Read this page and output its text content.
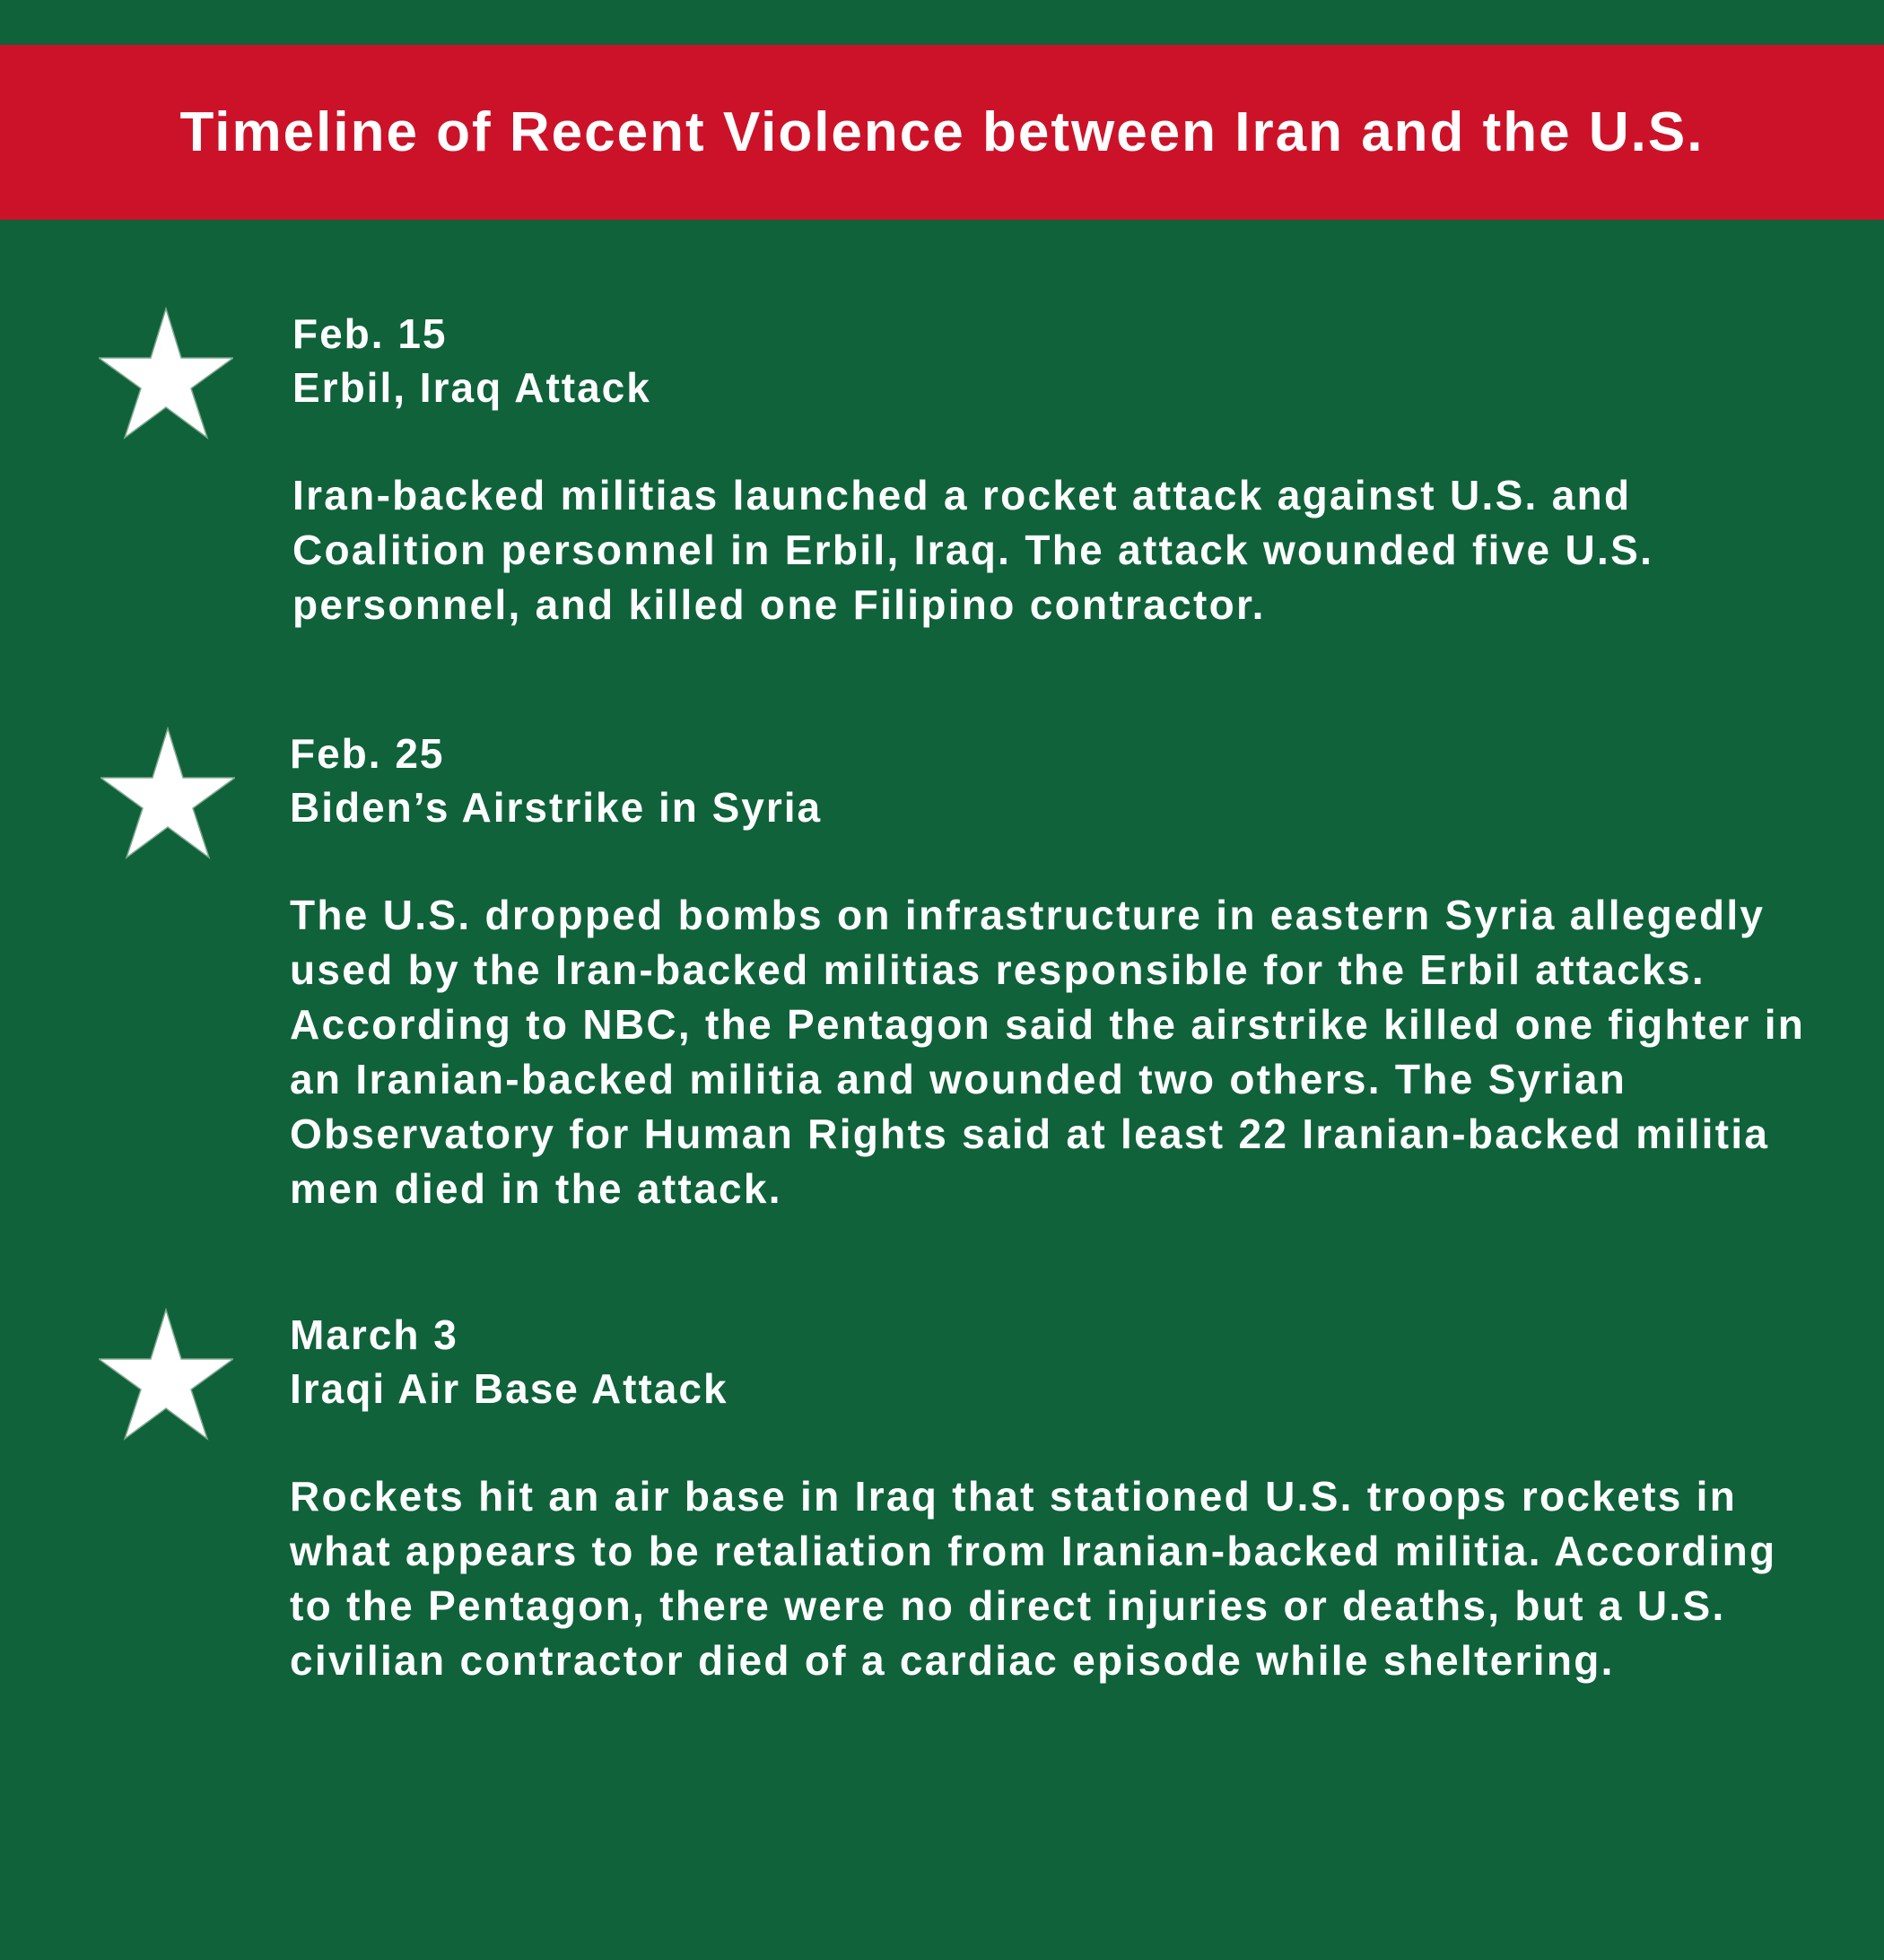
Timeline of Recent Violence between Iran and the U.S.
Feb. 15
Erbil, Iraq Attack
Iran-backed militias launched a rocket attack against U.S. and Coalition personnel in Erbil, Iraq. The attack wounded five U.S. personnel, and killed one Filipino contractor.
Feb. 25
Biden’s Airstrike in Syria
The U.S. dropped bombs on infrastructure in eastern Syria allegedly used by the Iran-backed militias responsible for the Erbil attacks. According to NBC, the Pentagon said the airstrike killed one fighter in an Iranian-backed militia and wounded two others. The Syrian Observatory for Human Rights said at least 22 Iranian-backed militia men died in the attack.
March 3
Iraqi Air Base Attack
Rockets hit an air base in Iraq that stationed U.S. troops rockets in what appears to be retaliation from Iranian-backed militia. According to the Pentagon, there were no direct injuries or deaths, but a U.S. civilian contractor died of a cardiac episode while sheltering.
